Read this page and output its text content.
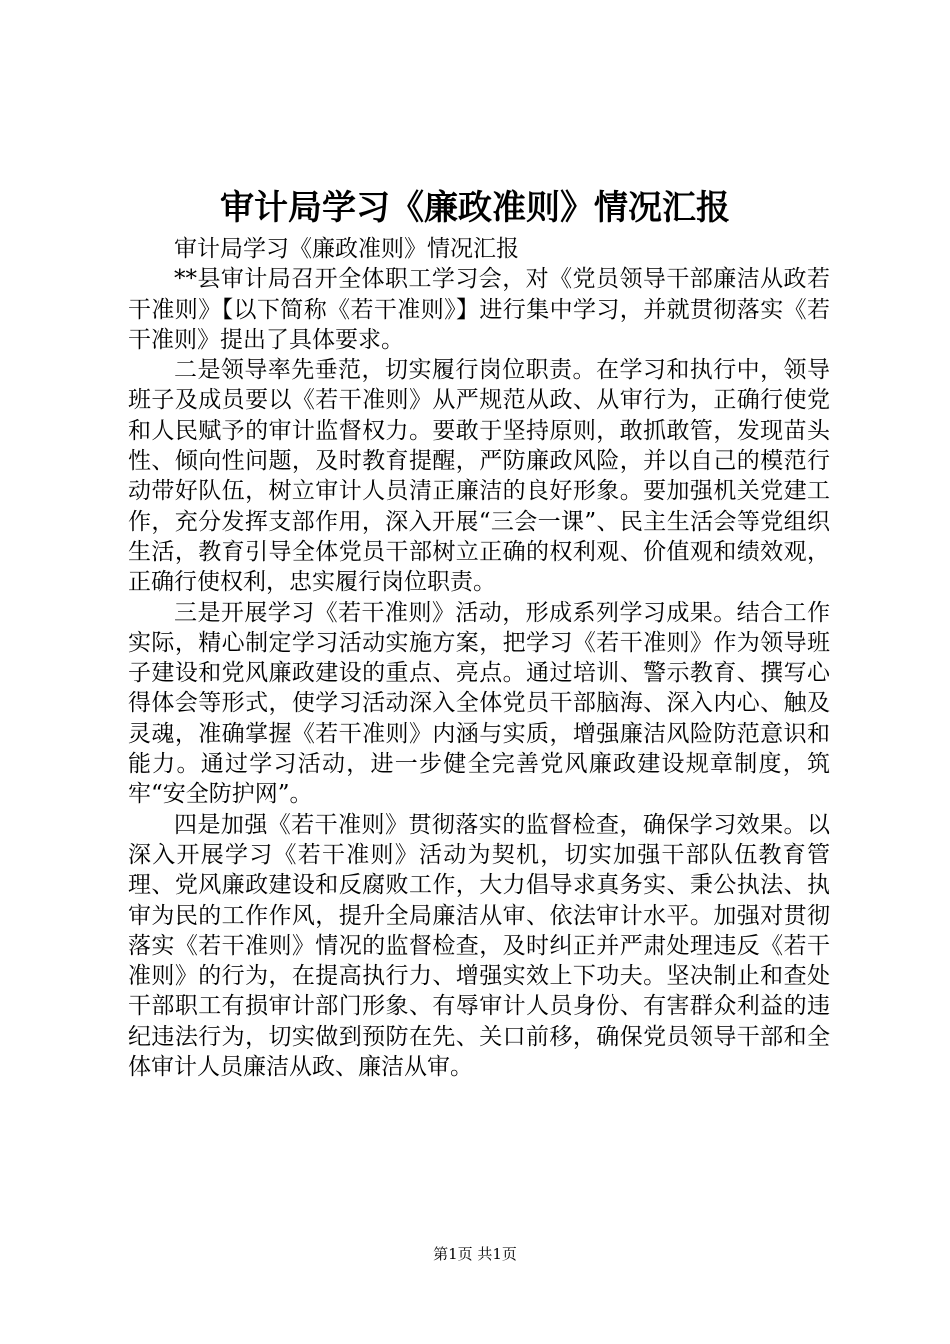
审计局学习《廉政准则》情况汇报

审计局学习《廉政准则》情况汇报

**县审计局召开全体职工学习会，对《党员领导干部廉洁从政若干准则》【以下简称《若干准则》】进行集中学习，并就贯彻落实《若干准则》提出了具体要求。

二是领导率先垂范，切实履行岗位职责。在学习和执行中，领导班子及成员要以《若干准则》从严规范从政、从审行为，正确行使党和人民赋予的审计监督权力。要敢于坚持原则，敢抓敢管，发现苗头性、倾向性问题，及时教育提醒，严防廉政风险，并以自己的模范行动带好队伍，树立审计人员清正廉洁的良好形象。要加强机关党建工作，充分发挥支部作用，深入开展“三会一课”、民主生活会等党组织生活，教育引导全体党员干部树立正确的权利观、价值观和绩效观，正确行使权利，忠实履行岗位职责。

三是开展学习《若干准则》活动，形成系列学习成果。结合工作实际，精心制定学习活动实施方案，把学习《若干准则》作为领导班子建设和党风廉政建设的重点、亮点。通过培训、警示教育、撰写心得体会等形式，使学习活动深入全体党员干部脑海、深入内心、触及灵魂，准确掌握《若干准则》内涵与实质，增强廉洁风险防范意识和能力。通过学习活动，进一步健全完善党风廉政建设规章制度，筑牢“安全防护网”。

四是加强《若干准则》贯彻落实的监督检查，确保学习效果。以深入开展学习《若干准则》活动为契机，切实加强干部队伍教育管理、党风廉政建设和反腐败工作，大力倡导求真务实、秉公执法、执审为民的工作作风，提升全局廉洁从审、依法审计水平。加强对贯彻落实《若干准则》情况的监督检查，及时纠正并严肃处理违反《若干准则》的行为，在提高执行力、增强实效上下功夫。坚决制止和查处干部职工有损审计部门形象、有辱审计人员身份、有害群众利益的违纪违法行为，切实做到预防在先、关口前移，确保党员领导干部和全体审计人员廉洁从政、廉洁从审。

第1页 共1页
